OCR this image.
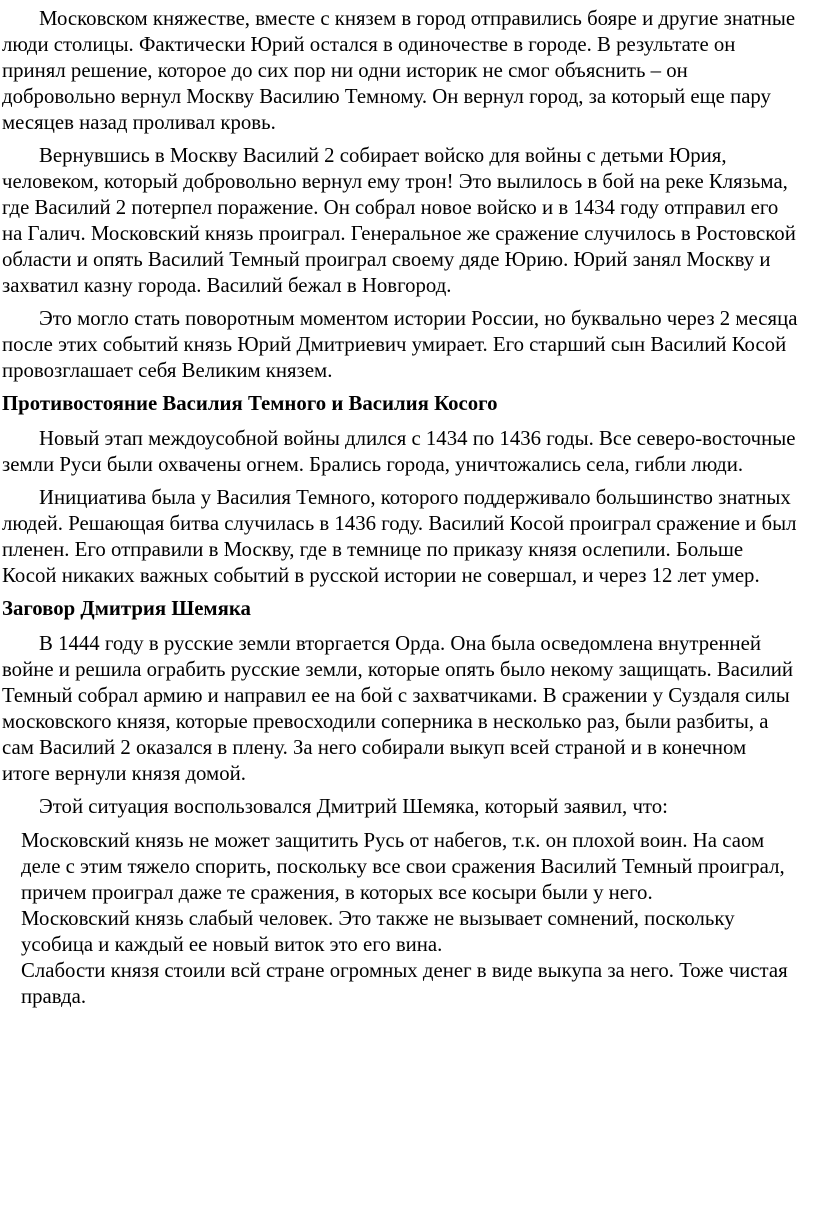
Московском княжестве, вместе с князем в город отправились бояре и другие знатные люди столицы. Фактически Юрий остался в одиночестве в городе. В результате он принял решение, которое до сих пор ни одни историк не смог объяснить – он добровольно вернул Москву Василию Темному. Он вернул город, за который еще пару месяцев назад проливал кровь.

Вернувшись в Москву Василий 2 собирает войско для войны с детьми Юрия, человеком, который добровольно вернул ему трон! Это вылилось в бой на реке Клязьма, где Василий 2 потерпел поражение. Он собрал новое войско и в 1434 году отправил его на Галич. Московский князь проиграл. Генеральное же сражение случилось в Ростовской области и опять Василий Темный проиграл своему дяде Юрию. Юрий занял Москву и захватил казну города. Василий бежал в Новгород.

Это могло стать поворотным моментом истории России, но буквально через 2 месяца после этих событий князь Юрий Дмитриевич умирает. Его старший сын Василий Косой провозглашает себя Великим князем.

Противостояние Василия Темного и Василия Косого

Новый этап междоусобной войны длился с 1434 по 1436 годы. Все северо-восточные земли Руси были охвачены огнем. Брались города, уничтожались села, гибли люди.

Инициатива была у Василия Темного, которого поддерживало большинство знатных людей. Решающая битва случилась в 1436 году. Василий Косой проиграл сражение и был пленен. Его отправили в Москву, где в темнице по приказу князя ослепили. Больше Косой никаких важных событий в русской истории не совершал, и через 12 лет умер.

Заговор Дмитрия Шемяка

В 1444 году в русские земли вторгается Орда. Она была осведомлена внутренней войне и решила ограбить русские земли, которые опять было некому защищать. Василий Темный собрал армию и направил ее на бой с захватчиками. В сражении у Суздаля силы московского князя, которые превосходили соперника в несколько раз, были разбиты, а сам Василий 2 оказался в плену. За него собирали выкуп всей страной и в конечном итоге вернули князя домой.

Этой ситуация воспользовался Дмитрий Шемяка, который заявил, что:

Московский князь не может защитить Русь от набегов, т.к. он плохой воин. На саом деле с этим тяжело спорить, поскольку все свои сражения Василий Темный проиграл, причем проиграл даже те сражения, в которых все косыри были у него.
Московский князь слабый человек. Это также не вызывает сомнений, поскольку усобица и каждый ее новый виток это его вина.
Слабости князя стоили всй стране огромных денег в виде выкупа за него. Тоже чистая правда.
